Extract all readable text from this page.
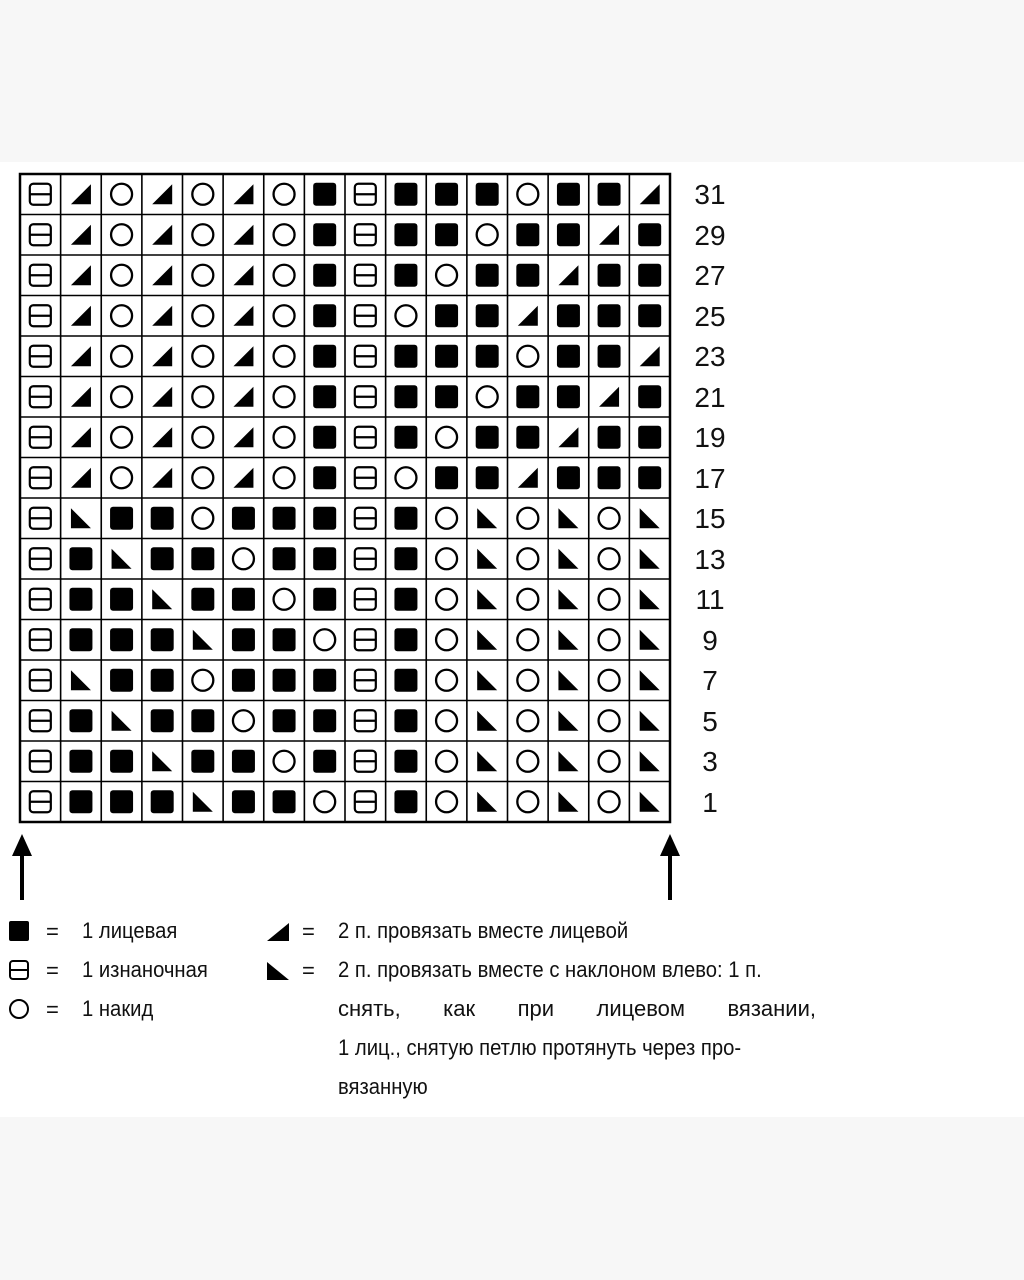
31
29
27
25
23
21
19
17
15
13
11
9
7
5
3
1
= 1 лицевая
= 1 изнаночная
= 1 накид
= 2 п. провязать вместе лицевой
= 2 п. провязать вместе с наклоном влево: 1 п.
снять, как при лицевом вязании,
1 лиц., снятую петлю протянуть через про-
вязанную
